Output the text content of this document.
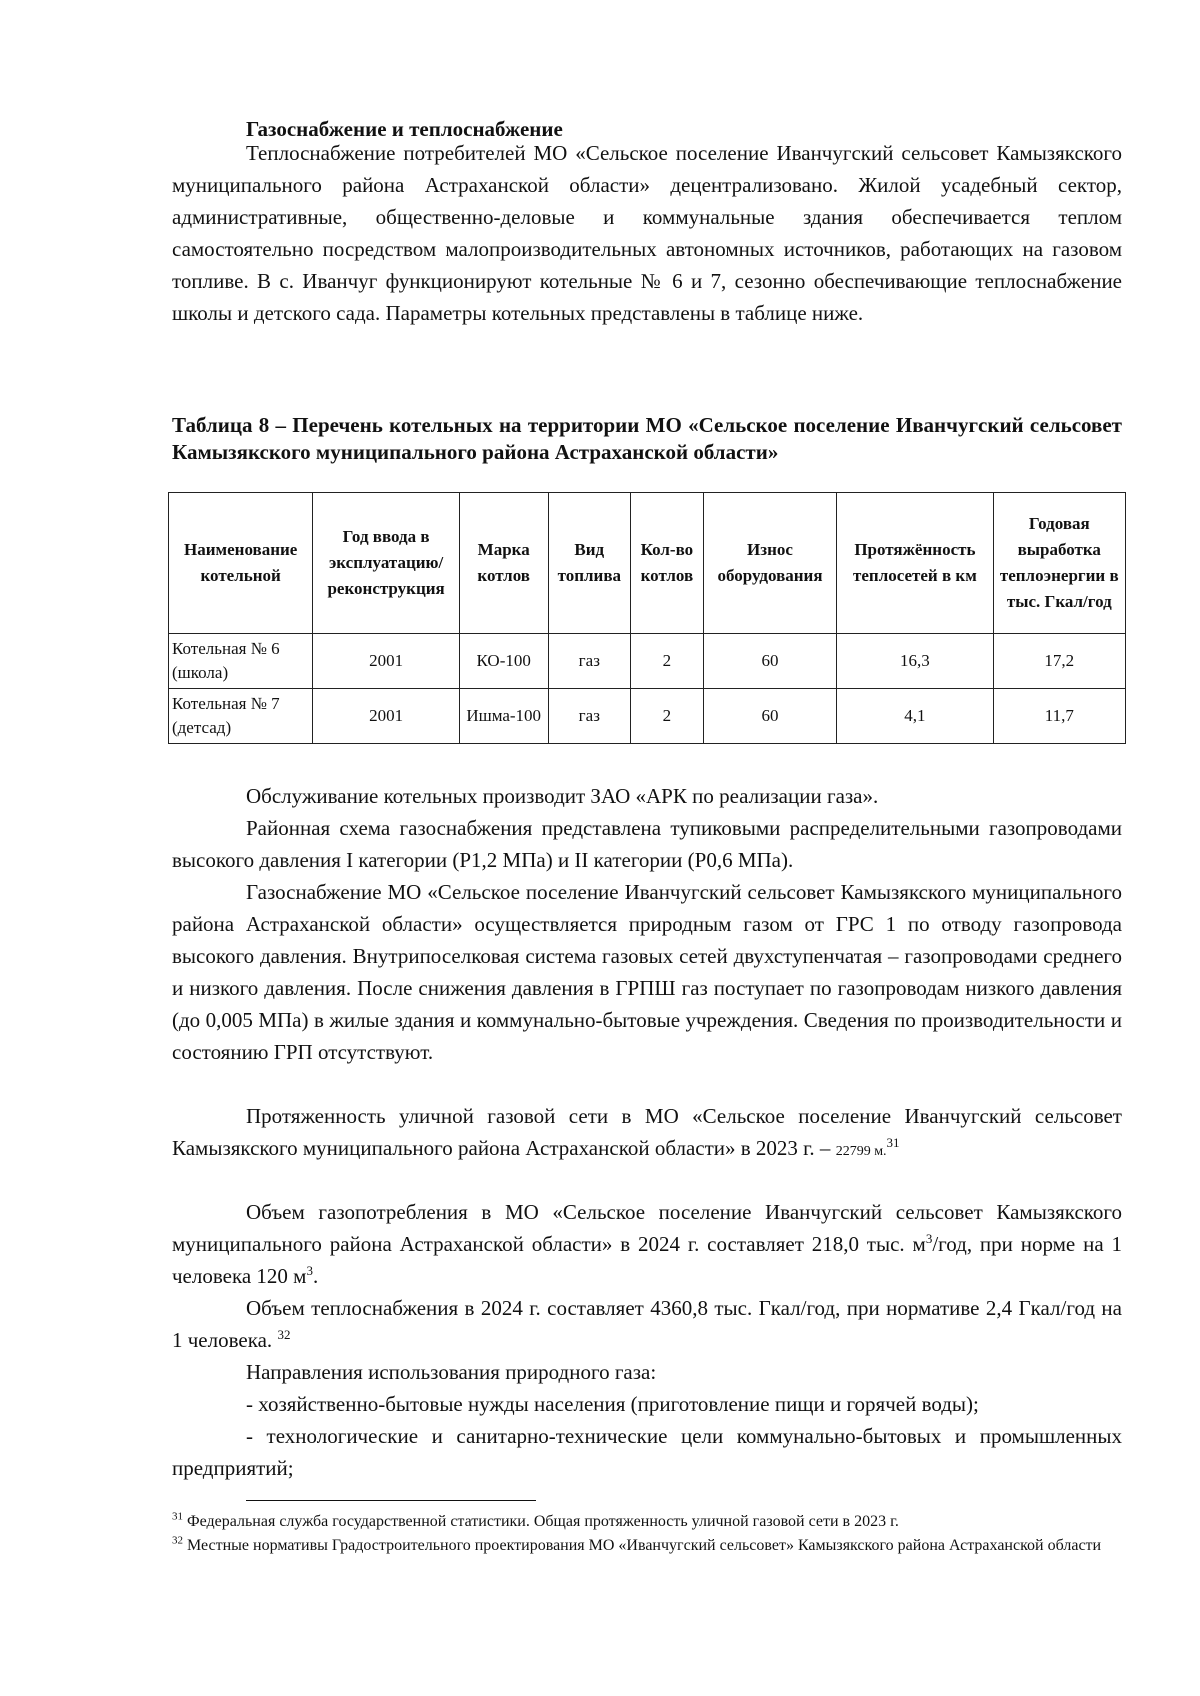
Газоснабжение и теплоснабжение

Теплоснабжение потребителей МО «Сельское поселение Иванчугский сельсовет Камызякского муниципального района Астраханской области» децентрализовано. Жилой усадебный сектор, административные, общественно-деловые и коммунальные здания обеспечивается теплом самостоятельно посредством малопроизводительных автономных источников, работающих на газовом топливе. В с. Иванчуг функционируют котельные № 6 и 7, сезонно обеспечивающие теплоснабжение школы и детского сада. Параметры котельных представлены в таблице ниже.

Таблица 8 – Перечень котельных на территории МО «Сельское поселение Иванчугский сельсовет Камызякского муниципального района Астраханской области»

Наименование котельной	Год ввода в эксплуатацию/ реконструкция	Марка котлов	Вид топлива	Кол-во котлов	Износ оборудования	Протяжённость теплосетей в км	Годовая выработка теплоэнергии в тыс. Гкал/год
Котельная № 6 (школа)	2001	КО-100	газ	2	60	16,3	17,2
Котельная № 7 (детсад)	2001	Ишма-100	газ	2	60	4,1	11,7

Обслуживание котельных производит ЗАО «АРК по реализации газа».

Районная схема газоснабжения представлена тупиковыми распределительными газопроводами высокого давления I категории (Р1,2 МПа) и II категории (Р0,6 МПа).

Газоснабжение МО «Сельское поселение Иванчугский сельсовет Камызякского муниципального района Астраханской области» осуществляется природным газом от ГРС 1 по отводу газопровода высокого давления. Внутрипоселковая система газовых сетей двухступенчатая – газопроводами среднего и низкого давления. После снижения давления в ГРПШ газ поступает по газопроводам низкого давления (до 0,005 МПа) в жилые здания и коммунально-бытовые учреждения. Сведения по производительности и состоянию ГРП отсутствуют.

Протяженность уличной газовой сети в МО «Сельское поселение Иванчугский сельсовет Камызякского муниципального района Астраханской области» в 2023 г. – 22799 м.$^{31}$

Объем газопотребления в МО «Сельское поселение Иванчугский сельсовет Камызякского муниципального района Астраханской области» в 2024 г. составляет 218,0 тыс. $м^3$/год, при норме на 1 человека 120 $м^3$.

Объем теплоснабжения в 2024 г. составляет 4360,8 тыс. Гкал/год, при нормативе 2,4 Гкал/год на 1 человека. $^{32}$

Направления использования природного газа:

- хозяйственно-бытовые нужды населения (приготовление пищи и горячей воды);

- технологические и санитарно-технические цели коммунально-бытовых и промышленных предприятий;

$^{31}$ Федеральная служба государственной статистики. Общая протяженность уличной газовой сети в 2023 г.

$^{32}$ Местные нормативы Градостроительного проектирования МО «Иванчугский сельсовет» Камызякского района Астраханской области
